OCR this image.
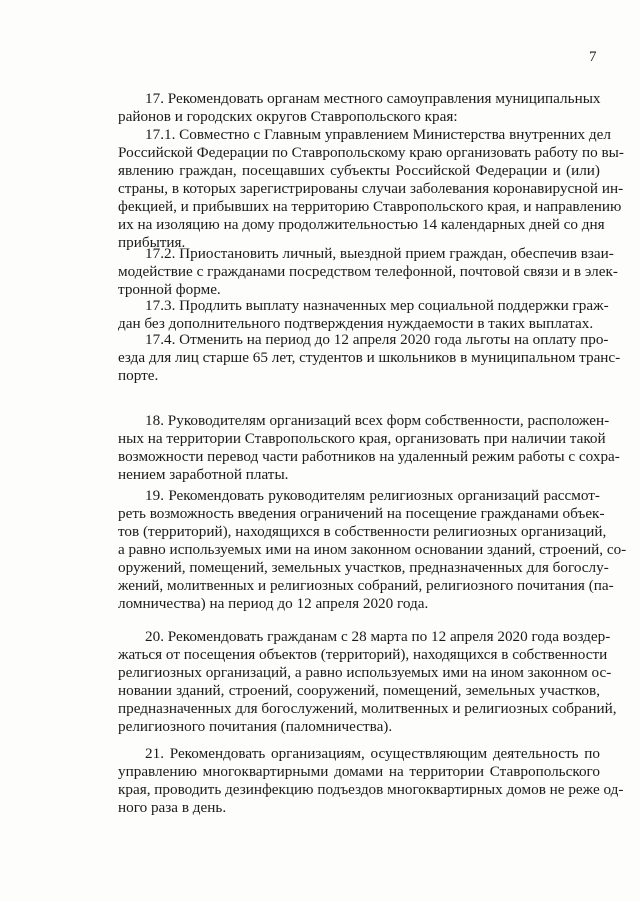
7
17. Рекомендовать органам местного самоуправления муниципальных
районов и городских округов Ставропольского края:
17.1. Совместно с Главным управлением Министерства внутренних дел
Российской Федерации по Ставропольскому краю организовать работу по вы-
явлению граждан, посещавших субъекты Российской Федерации и (или)
страны, в которых зарегистрированы случаи заболевания коронавирусной ин-
фекцией, и прибывших на территорию Ставропольского края, и направлению
их на изоляцию на дому продолжительностью 14 календарных дней со дня
прибытия.
17.2. Приостановить личный, выездной прием граждан, обеспечив взаи-
модействие с гражданами посредством телефонной, почтовой связи и в элек-
тронной форме.
17.3. Продлить выплату назначенных мер социальной поддержки граж-
дан без дополнительного подтверждения нуждаемости в таких выплатах.
17.4. Отменить на период до 12 апреля 2020 года льготы на оплату про-
езда для лиц старше 65 лет, студентов и школьников в муниципальном транс-
порте.
18. Руководителям организаций всех форм собственности, расположен-
ных на территории Ставропольского края, организовать при наличии такой
возможности перевод части работников на удаленный режим работы с сохра-
нением заработной платы.
19. Рекомендовать руководителям религиозных организаций рассмот-
реть возможность введения ограничений на посещение гражданами объек-
тов (территорий), находящихся в собственности религиозных организаций,
а равно используемых ими на ином законном основании зданий, строений, со-
оружений, помещений, земельных участков, предназначенных для богослу-
жений, молитвенных и религиозных собраний, религиозного почитания (па-
ломничества) на период до 12 апреля 2020 года.
20. Рекомендовать гражданам с 28 марта по 12 апреля 2020 года воздер-
жаться от посещения объектов (территорий), находящихся в собственности
религиозных организаций, а равно используемых ими на ином законном ос-
новании зданий, строений, сооружений, помещений, земельных участков,
предназначенных для богослужений, молитвенных и религиозных собраний,
религиозного почитания (паломничества).
21. Рекомендовать организациям, осуществляющим деятельность по
управлению многоквартирными домами на территории Ставропольского
края, проводить дезинфекцию подъездов многоквартирных домов не реже од-
ного раза в день.
